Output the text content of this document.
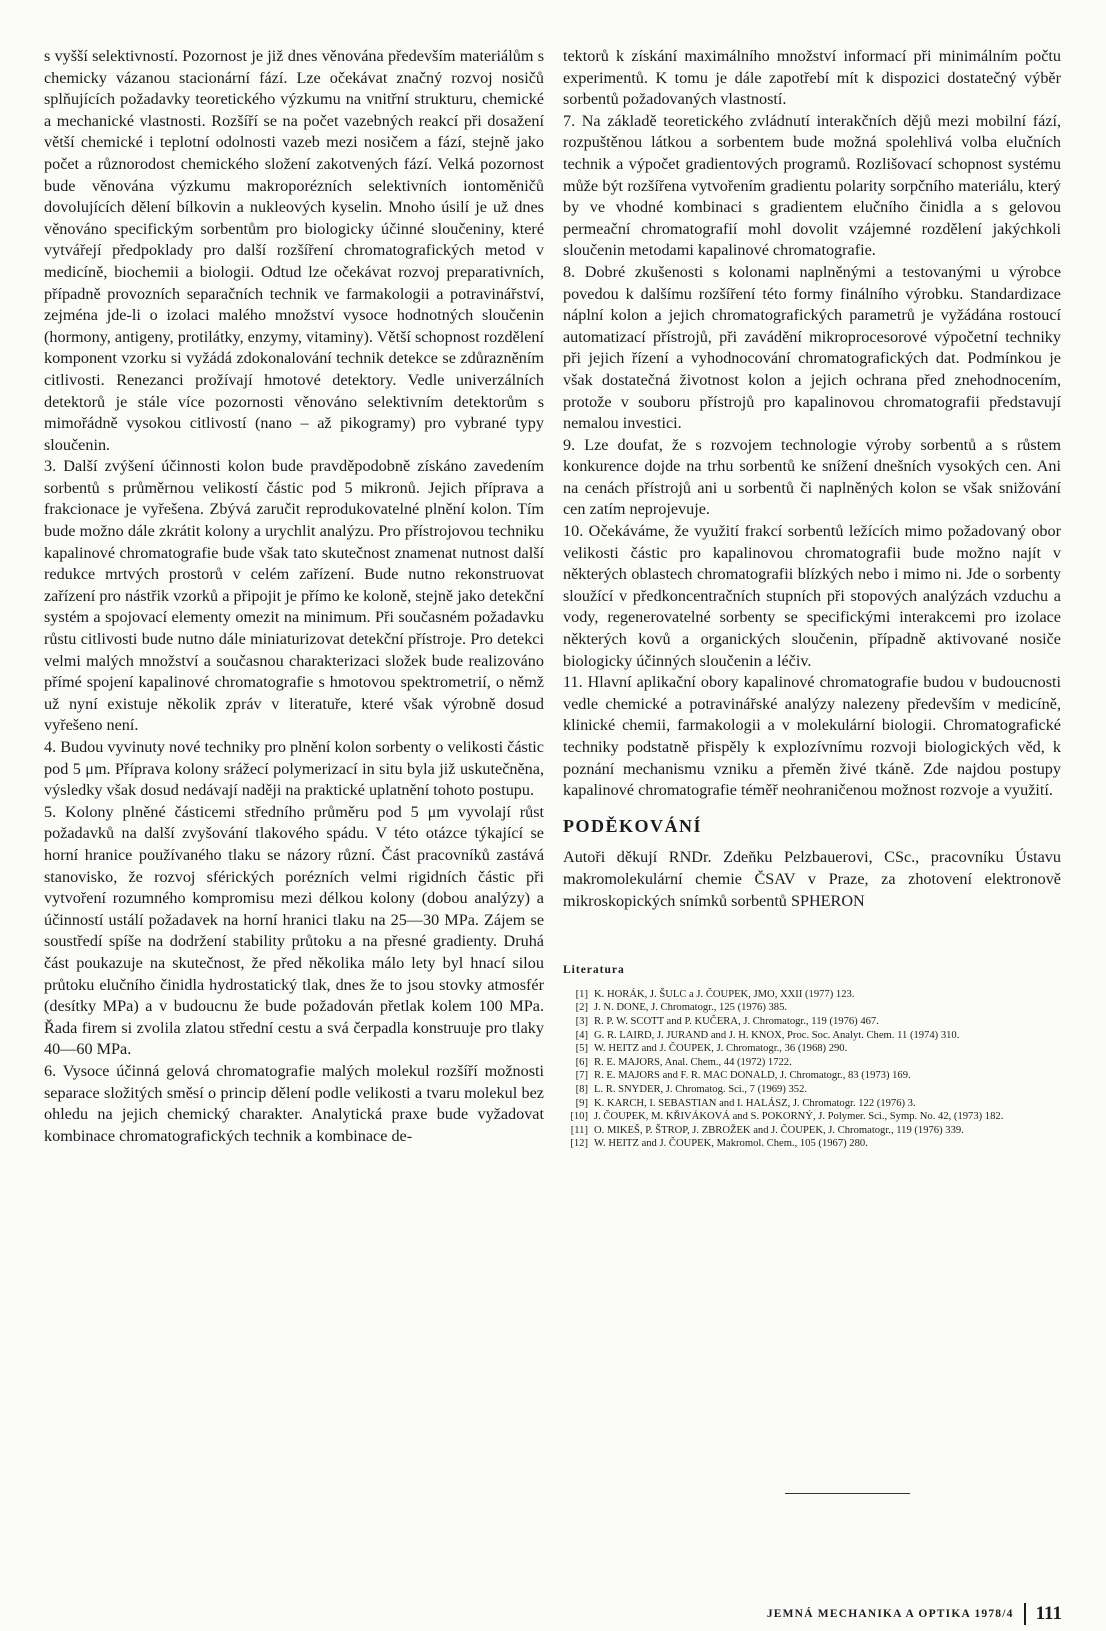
s vyšší selektivností. Pozornost je již dnes věnována především materiálům s chemicky vázanou stacionární fází. Lze očekávat značný rozvoj nosičů splňujících požadavky teoretického výzkumu na vnitřní strukturu, chemické a mechanické vlastnosti. Rozšíří se na počet vazebných reakcí při dosažení větší chemické i teplotní odolnosti vazeb mezi nosičem a fází, stejně jako počet a různorodost chemického složení zakotvených fází. Velká pozornost bude věnována výzkumu makroporézních selektivních iontoměničů dovolujících dělení bílkovin a nukleových kyselin. Mnoho úsilí je už dnes věnováno specifickým sorbentům pro biologicky účinné sloučeniny, které vytvářejí předpoklady pro další rozšíření chromatografických metod v medicíně, biochemii a biologii. Odtud lze očekávat rozvoj preparativních, případně provozních separačních technik ve farmakologii a potravinářství, zejména jde-li o izolaci malého množství vysoce hodnotných sloučenin (hormony, antigeny, protilátky, enzymy, vitaminy). Větší schopnost rozdělení komponent vzorku si vyžádá zdokonalování technik detekce se zdůrazněním citlivosti. Renezanci prožívají hmotové detektory. Vedle univerzálních detektorů je stále více pozornosti věnováno selektivním detektorům s mimořádně vysokou citlivostí (nano – až pikogramy) pro vybrané typy sloučenin.

3. Další zvýšení účinnosti kolon bude pravděpodobně získáno zavedením sorbentů s průměrnou velikostí částic pod 5 mikronů. Jejich příprava a frakcionace je vyřešena. Zbývá zaručit reprodukovatelné plnění kolon. Tím bude možno dále zkrátit kolony a urychlit analýzu. Pro přístrojovou techniku kapalinové chromatografie bude však tato skutečnost znamenat nutnost další redukce mrtvých prostorů v celém zařízení. Bude nutno rekonstruovat zařízení pro nástřik vzorků a připojit je přímo ke koloně, stejně jako detekční systém a spojovací elementy omezit na minimum. Při současném požadavku růstu citlivosti bude nutno dále miniaturizovat detekční přístroje. Pro detekci velmi malých množství a současnou charakterizaci složek bude realizováno přímé spojení kapalinové chromatografie s hmotovou spektrometrií, o němž už nyní existuje několik zpráv v literatuře, které však výrobně dosud vyřešeno není.

4. Budou vyvinuty nové techniky pro plnění kolon sorbenty o velikosti částic pod 5 μm. Příprava kolony srážecí polymerizací in situ byla již uskutečněna, výsledky však dosud nedávají naději na praktické uplatnění tohoto postupu.

5. Kolony plněné částicemi středního průměru pod 5 μm vyvolají růst požadavků na další zvyšování tlakového spádu. V této otázce týkající se horní hranice používaného tlaku se názory různí. Část pracovníků zastává stanovisko, že rozvoj sférických porézních velmi rigidních částic při vytvoření rozumného kompromisu mezi délkou kolony (dobou analýzy) a účinností ustálí požadavek na horní hranici tlaku na 25—30 MPa. Zájem se soustředí spíše na dodržení stability průtoku a na přesné gradienty. Druhá část poukazuje na skutečnost, že před několika málo lety byl hnací silou průtoku elučního činidla hydrostatický tlak, dnes že to jsou stovky atmosfér (desítky MPa) a v budoucnu že bude požadován přetlak kolem 100 MPa. Řada firem si zvolila zlatou střední cestu a svá čerpadla konstruuje pro tlaky 40—60 MPa.

6. Vysoce účinná gelová chromatografie malých molekul rozšíří možnosti separace složitých směsí o princip dělení podle velikosti a tvaru molekul bez ohledu na jejich chemický charakter. Analytická praxe bude vyžadovat kombinace chromatografických technik a kombinace de-

tektorů k získání maximálního množství informací při minimálním počtu experimentů. K tomu je dále zapotřebí mít k dispozici dostatečný výběr sorbentů požadovaných vlastností.

7. Na základě teoretického zvládnutí interakčních dějů mezi mobilní fází, rozpuštěnou látkou a sorbentem bude možná spolehlivá volba elučních technik a výpočet gradientových programů. Rozlišovací schopnost systému může být rozšířena vytvořením gradientu polarity sorpčního materiálu, který by ve vhodné kombinaci s gradientem elučního činidla a s gelovou permeační chromatografií mohl dovolit vzájemné rozdělení jakýchkoli sloučenin metodami kapalinové chromatografie.

8. Dobré zkušenosti s kolonami naplněnými a testovanými u výrobce povedou k dalšímu rozšíření této formy finálního výrobku. Standardizace náplní kolon a jejich chromatografických parametrů je vyžádána rostoucí automatizací přístrojů, při zavádění mikroprocesorové výpočetní techniky při jejich řízení a vyhodnocování chromatografických dat. Podmínkou je však dostatečná životnost kolon a jejich ochrana před znehodnocením, protože v souboru přístrojů pro kapalinovou chromatografii představují nemalou investici.

9. Lze doufat, že s rozvojem technologie výroby sorbentů a s růstem konkurence dojde na trhu sorbentů ke snížení dnešních vysokých cen. Ani na cenách přístrojů ani u sorbentů či naplněných kolon se však snižování cen zatím neprojevuje.

10. Očekáváme, že využití frakcí sorbentů ležících mimo požadovaný obor velikosti částic pro kapalinovou chromatografii bude možno najít v některých oblastech chromatografii blízkých nebo i mimo ni. Jde o sorbenty sloužící v předkoncentračních stupních při stopových analýzách vzduchu a vody, regenerovatelné sorbenty se specifickými interakcemi pro izolace některých kovů a organických sloučenin, případně aktivované nosiče biologicky účinných sloučenin a léčiv.

11. Hlavní aplikační obory kapalinové chromatografie budou v budoucnosti vedle chemické a potravinářské analýzy nalezeny především v medicíně, klinické chemii, farmakologii a v molekulární biologii. Chromatografické techniky podstatně přispěly k explozívnímu rozvoji biologických věd, k poznání mechanismu vzniku a přeměn živé tkáně. Zde najdou postupy kapalinové chromatografie téměř neohraničenou možnost rozvoje a využití.

PODĚKOVÁNÍ

Autoři děkují RNDr. Zdeňku Pelzbauerovi, CSc., pracovníku Ústavu makromolekulární chemie ČSAV v Praze, za zhotovení elektronově mikroskopických snímků sorbentů SPHERON

Literatura
[1] K. HORÁK, J. ŠULC a J. ČOUPEK, JMO, XXII (1977) 123.
[2] J. N. DONE, J. Chromatogr., 125 (1976) 385.
[3] R. P. W. SCOTT and P. KUČERA, J. Chromatogr., 119 (1976) 467.
[4] G. R. LAIRD, J. JURAND and J. H. KNOX, Proc. Soc. Analyt. Chem. 11 (1974) 310.
[5] W. HEITZ and J. ČOUPEK, J. Chromatogr., 36 (1968) 290.
[6] R. E. MAJORS, Anal. Chem., 44 (1972) 1722.
[7] R. E. MAJORS and F. R. MAC DONALD, J. Chromatogr., 83 (1973) 169.
[8] L. R. SNYDER, J. Chromatog. Sci., 7 (1969) 352.
[9] K. KARCH, I. SEBASTIAN and I. HALÁSZ, J. Chromatogr. 122 (1976) 3.
[10] J. ČOUPEK, M. KŘIVÁKOVÁ and S. POKORNÝ, J. Polymer. Sci., Symp. No. 42, (1973) 182.
[11] O. MIKEŠ, P. ŠTROP, J. ZBROŽEK and J. ČOUPEK, J. Chromatogr., 119 (1976) 339.
[12] W. HEITZ and J. ČOUPEK, Makromol. Chem., 105 (1967) 280.
JEMNÁ MECHANIKA A OPTIKA 1978/4 111
